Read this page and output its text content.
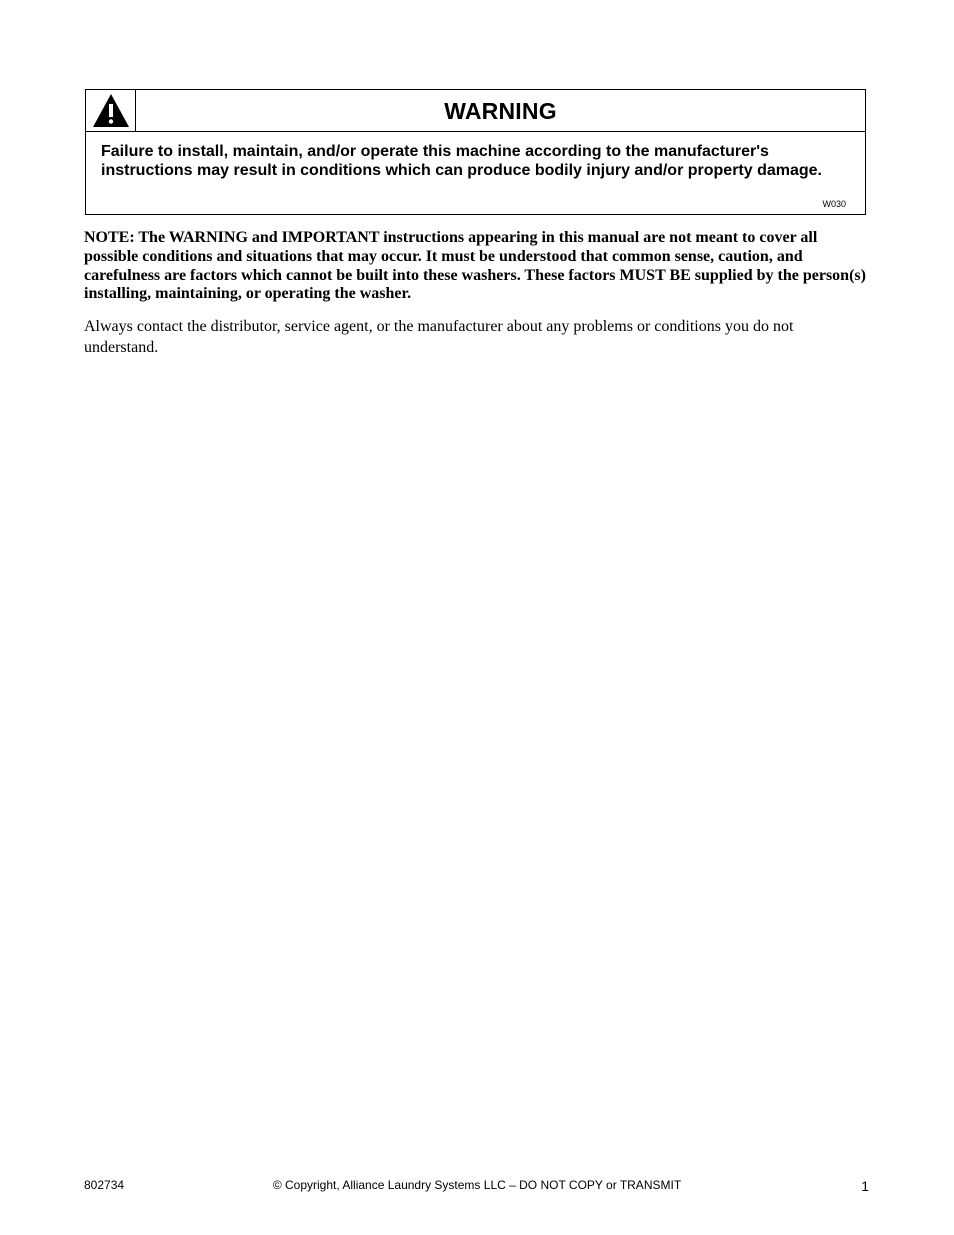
WARNING
Failure to install, maintain, and/or operate this machine according to the manufacturer's instructions may result in conditions which can produce bodily injury and/or property damage.
W030

NOTE: The WARNING and IMPORTANT instructions appearing in this manual are not meant to cover all possible conditions and situations that may occur. It must be understood that common sense, caution, and carefulness are factors which cannot be built into these washers. These factors MUST BE supplied by the person(s) installing, maintaining, or operating the washer.

Always contact the distributor, service agent, or the manufacturer about any problems or conditions you do not understand.

802734	© Copyright, Alliance Laundry Systems LLC – DO NOT COPY or TRANSMIT	1
